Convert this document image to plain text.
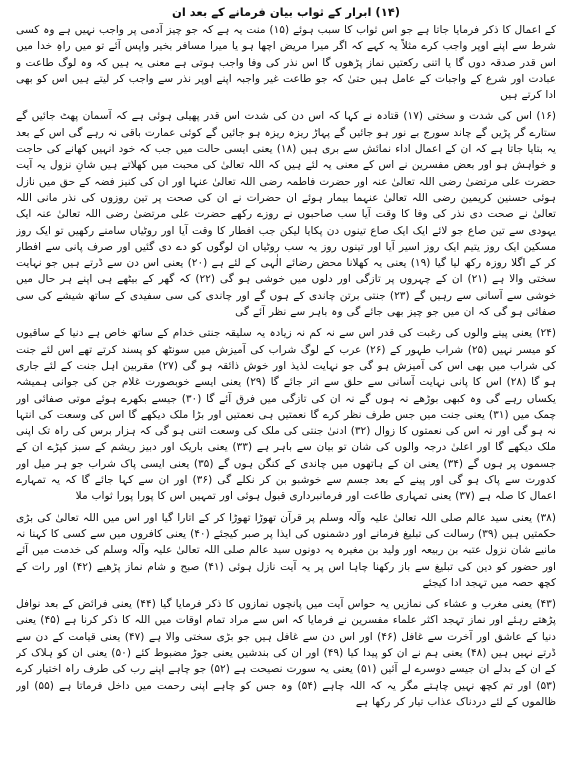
(۱۴) ابرار کے ثواب بیان فرمانے کے بعد ان

کے اعمال کا ذکر فرمایا جاتا ہے جو اس ثواب کا سبب ہوئے (۱۵) منت یہ ہے کہ جو چیز آدمی پر واجب نہیں ہے وہ کسی شرط سے اپنے اوپر واجب کرے مثلاً یہ کہے کہ اگر میرا مریض اچھا ہو یا میرا مسافر بخیر واپس آئے تو میں راہِ خدا میں اس قدر صدقہ دوں گا یا اتنی رکعتیں نماز پڑھوں گا اس نذر کی وفا واجب ہوتی ہے معنی یہ ہیں کہ وہ لوگ طاعت و عبادت اور شرع کے واجبات کے عامل ہیں حتیٰ کہ جو طاعت غیر واجبہ اپنے اوپر نذر سے واجب کر لیتے ہیں اس کو بھی ادا کرتے ہیں

(۱۶) اس کی شدت و سختی (۱۷) قتادہ نے کہا کہ اس دن کی شدت اس قدر پھیلی ہوئی ہے کہ آسمان پھٹ جائیں گے ستارے گر پڑیں گے چاند سورج بے نور ہو جائیں گے پہاڑ ریزہ ریزہ ہو جائیں گے کوئی عمارت باقی نہ رہے گی اس کے بعد یہ بتایا جاتا ہے کہ ان کے اعمال اداء نمائش سے بری ہیں (۱۸) یعنی ایسی حالت میں جب کہ خود انہیں کھانے کی حاجت و خواہش ہو اور بعض مفسرین نے اس کے معنی یہ لئے ہیں کہ اللہ تعالیٰ کی محبت میں کھلاتے ہیں شانِ نزول یہ آیت حضرت علی مرتضیٰ رضی اللہ تعالیٰ عنہ اور حضرت فاطمہ رضی اللہ تعالیٰ عنہا اور ان کی کنیز فضہ کے حق میں نازل ہوئی حسنین کریمین رضی اللہ تعالیٰ عنہما بیمار ہوئے ان حضرات نے ان کی صحت پر تین روزوں کی نذر مانی اللہ تعالیٰ نے صحت دی نذر کی وفا کا وقت آیا سب صاحبوں نے روزے رکھے حضرت علی مرتضیٰ رضی اللہ تعالیٰ عنہ ایک یہودی سے تین صاع جو لائے ایک ایک صاع تینوں دن پکایا لیکن جب افطار کا وقت آیا اور روٹیاں سامنے رکھیں تو ایک روز مسکین ایک روز یتیم ایک روز اسیر آیا اور تینوں روز یہ سب روٹیاں ان لوگوں کو دے دی گئیں اور صرف پانی سے افطار کر کے اگلا روزہ رکھ لیا گیا (۱۹) یعنی یہ کھلانا محض رضائے الٰہی کے لئے ہے (۲۰) یعنی اس دن سے ڈرتے ہیں جو نہایت سختی والا ہے (۲۱) ان کے چہروں پر تازگی اور دلوں میں خوشی ہو گی (۲۲) کہ گھر کے بیٹھے ہی اپنے ہر حال میں خوشی سے آسانی سے رہیں گے (۲۳) جنتی برتن چاندی کے ہوں گے اور چاندی کی سی سفیدی کے ساتھ شیشے کی سی صفائی ہو گی کہ ان میں جو چیز بھی جائے گی وہ باہر سے نظر آئے گی

(۲۴) یعنی پینے والوں کی رغبت کی قدر اس سے نہ کم نہ زیادہ یہ سلیقہ جنتی خدام کے ساتھ خاص ہے دنیا کے ساقیوں کو میسر نہیں (۲۵) شراب طہور کے (۲۶) عرب کے لوگ شراب کی آمیزش میں سونٹھ کو پسند کرتے تھے اس لئے جنت کی شراب میں بھی اس کی آمیزش ہو گی جو نہایت لذیذ اور خوش ذائقہ ہو گی (۲۷) مقربین اہل جنت کے لئے جاری ہو گا (۲۸) اس کا پانی نہایت آسانی سے حلق سے اتر جائے گا (۲۹) یعنی ایسے خوبصورت غلام جن کی جوانی ہمیشہ یکساں رہے گی وہ کبھی بوڑھے نہ ہوں گے نہ ان کی تازگی میں فرق آئے گا (۳۰) جیسے بکھرے ہوئے موتی صفائی اور چمک میں (۳۱) یعنی جنت میں جس طرف نظر کرے گا نعمتیں ہی نعمتیں اور بڑا ملک دیکھے گا اس کی وسعت کی انتہا نہ ہو گی اور نہ اس کی نعمتوں کا زوال (۳۲) ادنیٰ جنتی کی ملک کی وسعت اتنی ہو گی کہ ہزار برس کی راہ تک اپنی ملک دیکھے گا اور اعلیٰ درجہ والوں کی شان تو بیان سے باہر ہے (۳۳) یعنی باریک اور دبیز ریشم کے سبز کپڑے ان کے جسموں پر ہوں گے (۳۴) یعنی ان کے ہاتھوں میں چاندی کے کنگن ہوں گے (۳۵) یعنی ایسی پاک شراب جو ہر میل اور کدورت سے پاک ہو گی اور پینے کے بعد جسم سے خوشبو بن کر نکلے گی (۳۶) اور ان سے کہا جائے گا کہ یہ تمہارے اعمال کا صلہ ہے (۳۷) یعنی تمہاری طاعت اور فرمانبرداری قبول ہوئی اور تمہیں اس کا پورا پورا ثواب ملا

(۳۸) یعنی سید عالم صلی اللہ تعالیٰ علیہ وآلہ وسلم پر قرآن تھوڑا تھوڑا کر کے اتارا گیا اور اس میں اللہ تعالیٰ کی بڑی حکمتیں ہیں (۳۹) رسالت کی تبلیغ فرمانے اور دشمنوں کی ایذا پر صبر کیجئے (۴۰) یعنی کافروں میں سے کسی کا کہنا نہ مانیے شان نزول عتبہ بن ربیعہ اور ولید بن مغیرہ یہ دونوں سید عالم صلی اللہ تعالیٰ علیہ وآلہ وسلم کی خدمت میں آئے اور حضور کو دین کی تبلیغ سے باز رکھنا چاہا اس پر یہ آیت نازل ہوئی (۴۱) صبح و شام نماز پڑھیے (۴۲) اور رات کے کچھ حصہ میں تہجد ادا کیجئے

(۴۳) یعنی مغرب و عشاء کی نمازیں یہ حواس آیت میں پانچوں نمازوں کا ذکر فرمایا گیا (۴۴) یعنی فرائض کے بعد نوافل پڑھتے رہئے اور نماز تہجد اکثر علماء مفسرین نے فرمایا کہ اس سے مراد تمام اوقات میں اللہ کا ذکر کرنا ہے (۴۵) یعنی دنیا کے عاشق اور آخرت سے غافل (۴۶) اور اس دن سے غافل ہیں جو بڑی سختی والا ہے (۴۷) یعنی قیامت کے دن سے ڈرتے نہیں ہیں (۴۸) یعنی ہم نے ان کو پیدا کیا (۴۹) اور ان کی بندشیں یعنی جوڑ مضبوط کئے (۵۰) یعنی ان کو ہلاک کر کے ان کے بدلے ان جیسے دوسرے لے آئیں (۵۱) یعنی یہ سورت نصیحت ہے (۵۲) جو چاہے اپنے رب کی طرف راہ اختیار کرے (۵۳) اور تم کچھ نہیں چاہتے مگر یہ کہ اللہ چاہے (۵۴) وہ جس کو چاہے اپنی رحمت میں داخل فرماتا ہے (۵۵) اور ظالموں کے لئے دردناک عذاب تیار کر رکھا ہے
